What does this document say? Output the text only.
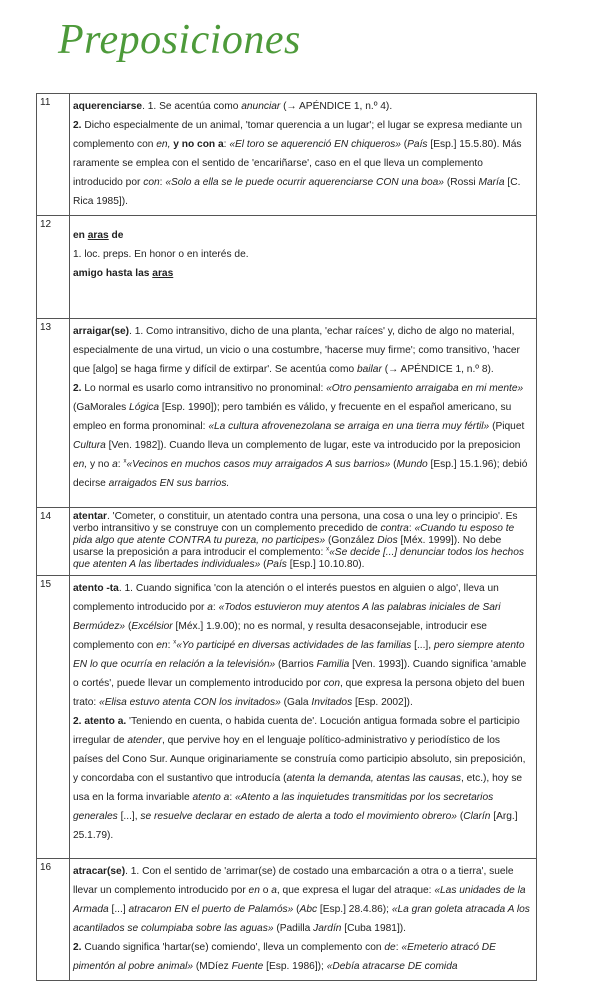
Preposiciones
11	aquerenciarse. 1. Se acentúa como anunciar (→ APÉNDICE 1, n.º 4).

2. Dicho especialmente de un animal, 'tomar querencia a un lugar'; el lugar se expresa mediante un complemento con en, y no con a: «El toro se aquerenció EN chiqueros» (País [Esp.] 15.5.80). Más raramente se emplea con el sentido de 'encariñarse', caso en el que lleva un complemento introducido por con: «Solo a ella se le puede ocurrir aquerenciarse CON una boa» (Rossi María [C. Rica 1985]).

12	en aras de

1. loc. preps. En honor o en interés de.

amigo hasta las aras

13	arraigar(se). 1. Como intransitivo, dicho de una planta, 'echar raíces' y, dicho de algo no material, especialmente de una virtud, un vicio o una costumbre, 'hacerse muy firme'; como transitivo, 'hacer que [algo] se haga firme y difícil de extirpar'. Se acentúa como bailar (→ APÉNDICE 1, n.º 8).

2. Lo normal es usarlo como intransitivo no pronominal: «Otro pensamiento arraigaba en mi mente» (GaMorales Lógica [Esp. 1990]); pero también es válido, y frecuente en el español americano, su empleo en forma pronominal: «La cultura afrovenezolana se arraiga en una tierra muy fértil» (Piquet Cultura [Ven. 1982]). Cuando lleva un complemento de lugar, este va introducido por la preposicion en, y no a: $^x$«Vecinos en muchos casos muy arraigados A sus barrios» (Mundo [Esp.] 15.1.96); debió decirse arraigados EN sus barrios.

14	atentar. 'Cometer, o constituir, un atentado contra una persona, una cosa o una ley o principio'. Es verbo intransitivo y se construye con un complemento precedido de contra: «Cuando tu esposo te pida algo que atente CONTRA tu pureza, no participes» (González Dios [Méx. 1999]). No debe usarse la preposición a para introducir el complemento: $^x$«Se decide [...] denunciar todos los hechos que atenten A las libertades individuales» (País [Esp.] 10.10.80).

15	atento -ta. 1. Cuando significa 'con la atención o el interés puestos en alguien o algo', lleva un complemento introducido por a: «Todos estuvieron muy atentos A las palabras iniciales de Sari Bermúdez» (Excélsior [Méx.] 1.9.00); no es normal, y resulta desaconsejable, introducir ese complemento con en: $^x$«Yo participé en diversas actividades de las familias [...], pero siempre atento EN lo que ocurría en relación a la televisión» (Barrios Familia [Ven. 1993]). Cuando significa 'amable o cortés', puede llevar un complemento introducido por con, que expresa la persona objeto del buen trato: «Elisa estuvo atenta CON los invitados» (Gala Invitados [Esp. 2002]).

2. atento a. 'Teniendo en cuenta, o habida cuenta de'. Locución antigua formada sobre el participio irregular de atender, que pervive hoy en el lenguaje político-administrativo y periodístico de los países del Cono Sur. Aunque originariamente se construía como participio absoluto, sin preposición, y concordaba con el sustantivo que introducía (atenta la demanda, atentas las causas, etc.), hoy se usa en la forma invariable atento a: «Atento a las inquietudes transmitidas por los secretarios generales [...], se resuelve declarar en estado de alerta a todo el movimiento obrero» (Clarín [Arg.] 25.1.79).

16	atracar(se). 1. Con el sentido de 'arrimar(se) de costado una embarcación a otra o a tierra', suele llevar un complemento introducido por en o a, que expresa el lugar del atraque: «Las unidades de la Armada [...] atracaron EN el puerto de Palamós» (Abc [Esp.] 28.4.86); «La gran goleta atracada A los acantilados se columpiaba sobre las aguas» (Padilla Jardín [Cuba 1981]).

2. Cuando significa 'hartar(se) comiendo', lleva un complemento con de: «Emeterio atracó DE pimentón al pobre animal» (MDíez Fuente [Esp. 1986]); «Debía atracarse DE comida
